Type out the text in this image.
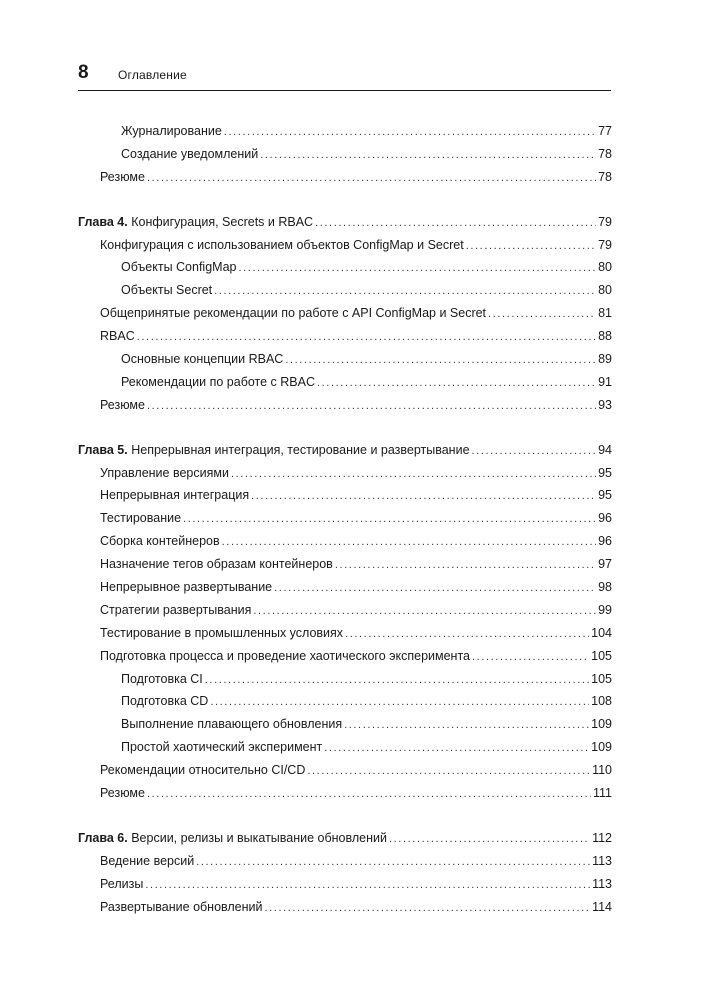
8 Оглавление
Журналирование .....	77
Создание уведомлений .....	78
Резюме .....	78
Глава 4. Конфигурация, Secrets и RBAC .....	79
Конфигурация с использованием объектов ConfigMap и Secret .....	79
Объекты ConfigMap .....	80
Объекты Secret .....	80
Общепринятые рекомендации по работе с API ConfigMap и Secret .....	81
RBAC .....	88
Основные концепции RBAC .....	89
Рекомендации по работе с RBAC .....	91
Резюме .....	93
Глава 5. Непрерывная интеграция, тестирование и развертывание .....	94
Управление версиями .....	95
Непрерывная интеграция .....	95
Тестирование .....	96
Сборка контейнеров .....	96
Назначение тегов образам контейнеров .....	97
Непрерывное развертывание .....	98
Стратегии развертывания .....	99
Тестирование в промышленных условиях .....	104
Подготовка процесса и проведение хаотического эксперимента .....	105
Подготовка CI .....	105
Подготовка CD .....	108
Выполнение плавающего обновления .....	109
Простой хаотический эксперимент .....	109
Рекомендации относительно CI/CD .....	110
Резюме .....	111
Глава 6. Версии, релизы и выкатывание обновлений .....	112
Ведение версий .....	113
Релизы .....	113
Развертывание обновлений .....	114
